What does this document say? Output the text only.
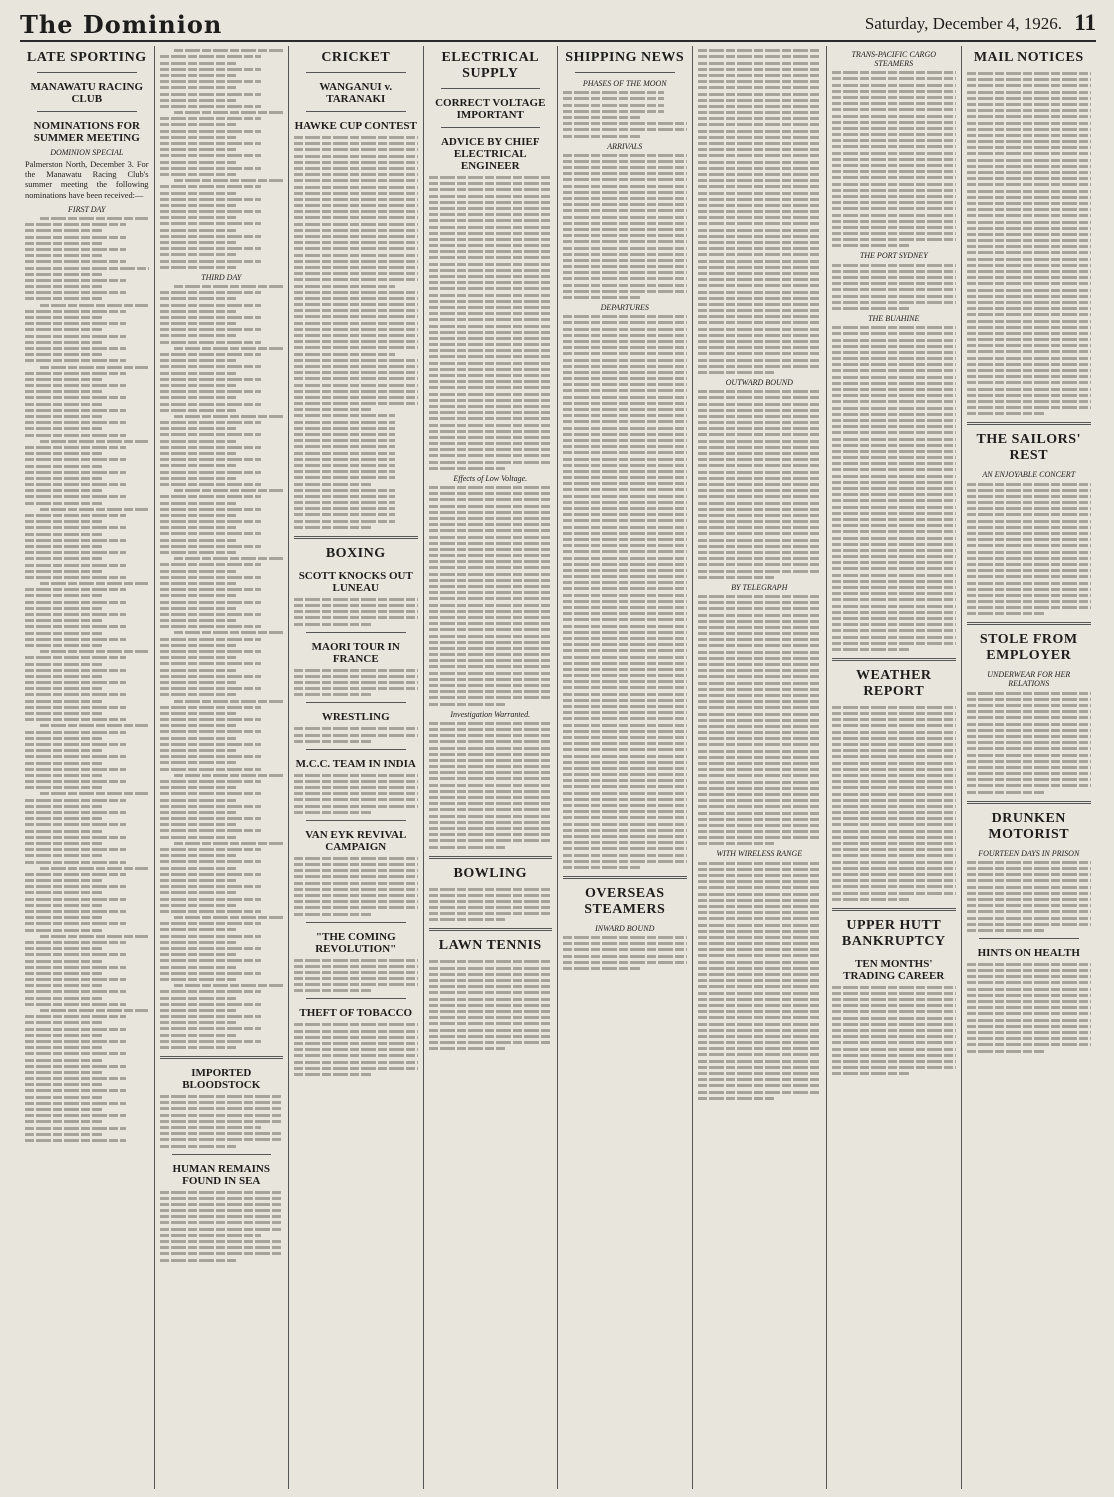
The Dominion	Saturday, December 4, 1926. 11
LATE SPORTING
MANAWATU RACING CLUB
NOMINATIONS FOR SUMMER MEETING
DOMINION SPECIAL

Palmerston North, December 3. For the Manawatu Racing Club's summer meeting the following nominations have been received:—

FIRST DAY
THIRD DAY
IMPORTED BLOODSTOCK
HUMAN REMAINS FOUND IN SEA
CRICKET
WANGANUI v. TARANAKI
HAWKE CUP CONTEST
BOXING
SCOTT KNOCKS OUT LUNEAU
MAORI TOUR IN FRANCE
WRESTLING
M.C.C. TEAM IN INDIA
VAN EYK REVIVAL CAMPAIGN
"THE COMING REVOLUTION"
THEFT OF TOBACCO
ELECTRICAL SUPPLY
CORRECT VOLTAGE IMPORTANT
ADVICE BY CHIEF ELECTRICAL ENGINEER
Effects of Low Voltage.
Investigation Warranted.
BOWLING
LAWN TENNIS
SHIPPING NEWS
PHASES OF THE MOON
ARRIVALS
DEPARTURES
OVERSEAS STEAMERS
INWARD BOUND
OUTWARD BOUND
BY TELEGRAPH
WITH WIRELESS RANGE
TRANS-PACIFIC CARGO STEAMERS
THE PORT SYDNEY
THE BUAHINE
WEATHER REPORT
UPPER HUTT BANKRUPTCY
TEN MONTHS' TRADING CAREER
MAIL NOTICES
THE SAILORS' REST
AN ENJOYABLE CONCERT
STOLE FROM EMPLOYER
UNDERWEAR FOR HER RELATIONS
DRUNKEN MOTORIST
FOURTEEN DAYS IN PRISON
HINTS ON HEALTH
